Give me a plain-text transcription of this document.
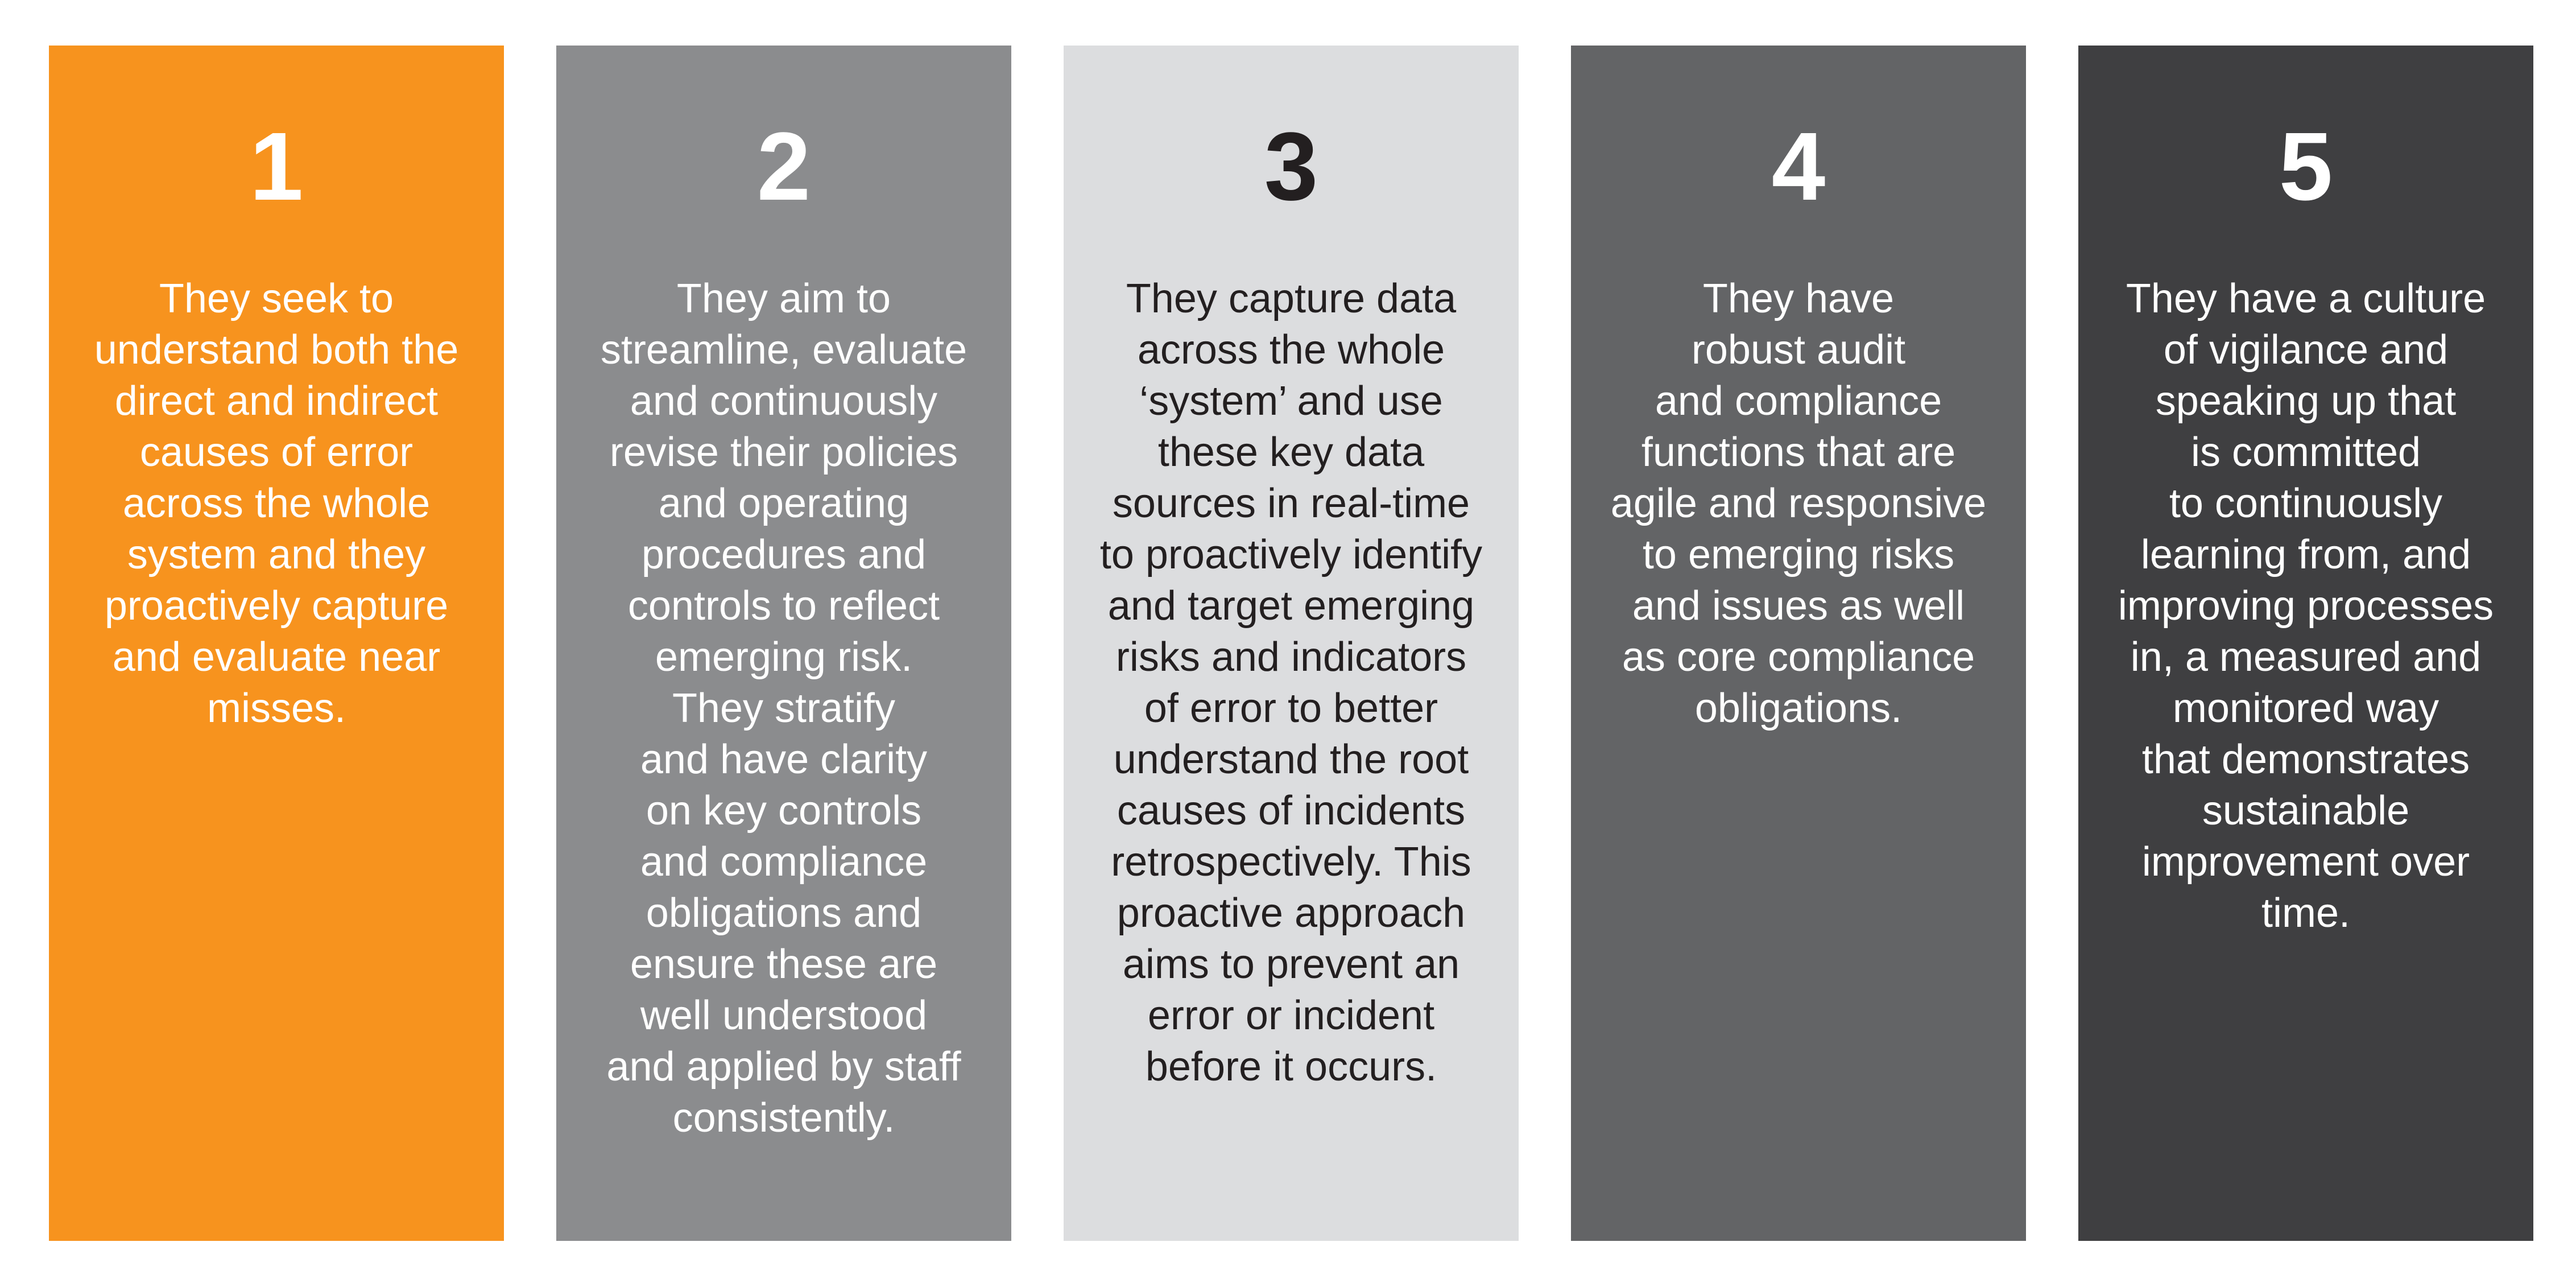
1
They seek to
understand both the
direct and indirect
causes of error
across the whole
system and they
proactively capture
and evaluate near
misses.
2
They aim to
streamline, evaluate
and continuously
revise their policies
and operating
procedures and
controls to reflect
emerging risk.
They stratify
and have clarity
on key controls
and compliance
obligations and
ensure these are
well understood
and applied by staff
consistently.
3
They capture data
across the whole
‘system’ and use
these key data
sources in real-time
to proactively identify
and target emerging
risks and indicators
of error to better
understand the root
causes of incidents
retrospectively. This
proactive approach
aims to prevent an
error or incident
before it occurs.
4
They have
robust audit
and compliance
functions that are
agile and responsive
to emerging risks
and issues as well
as core compliance
obligations.
5
They have a culture
of vigilance and
speaking up that
is committed
to continuously
learning from, and
improving processes
in, a measured and
monitored way
that demonstrates
sustainable
improvement over
time.
